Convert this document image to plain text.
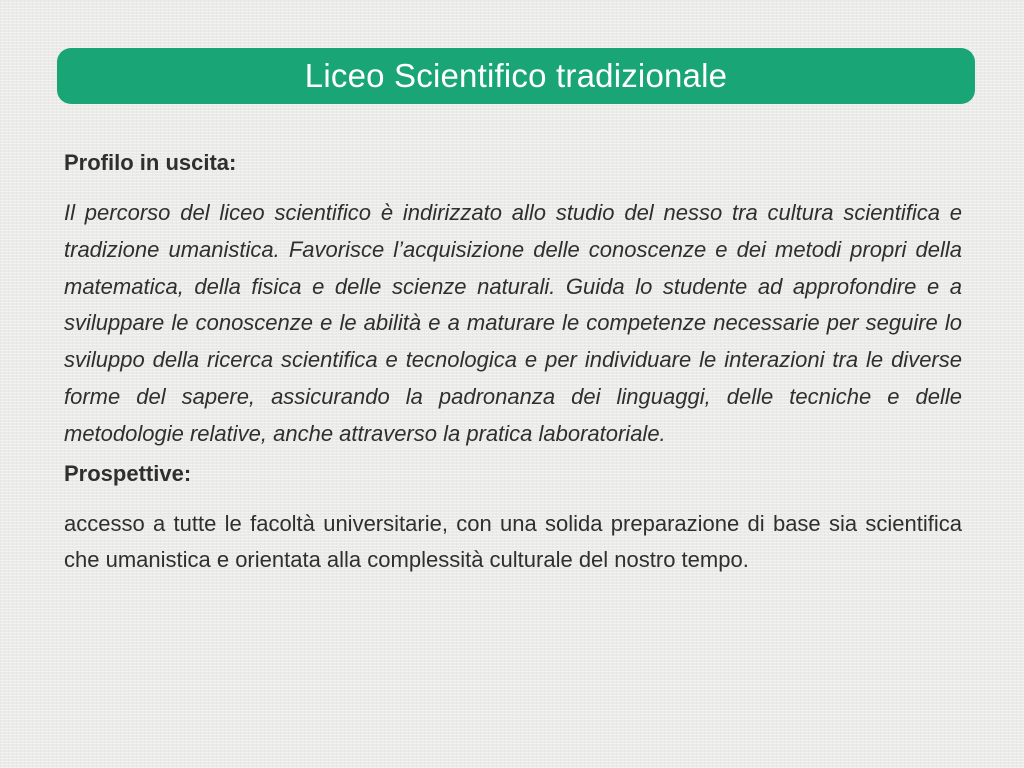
Liceo Scientifico tradizionale

Profilo in uscita:

Il percorso del liceo scientifico è indirizzato allo studio del nesso tra cultura scientifica e tradizione umanistica. Favorisce l’acquisizione delle conoscenze e dei metodi propri della matematica, della fisica e delle scienze naturali. Guida lo studente ad approfondire e a sviluppare le conoscenze e le abilità e a maturare le competenze necessarie per seguire lo sviluppo della ricerca scientifica e tecnologica e per individuare le interazioni tra le diverse forme del sapere, assicurando la padronanza dei linguaggi, delle tecniche e delle metodologie relative, anche attraverso la pratica laboratoriale.

Prospettive:

accesso a tutte le facoltà universitarie, con una solida preparazione di base sia scientifica che umanistica e orientata alla complessità culturale del nostro tempo.
